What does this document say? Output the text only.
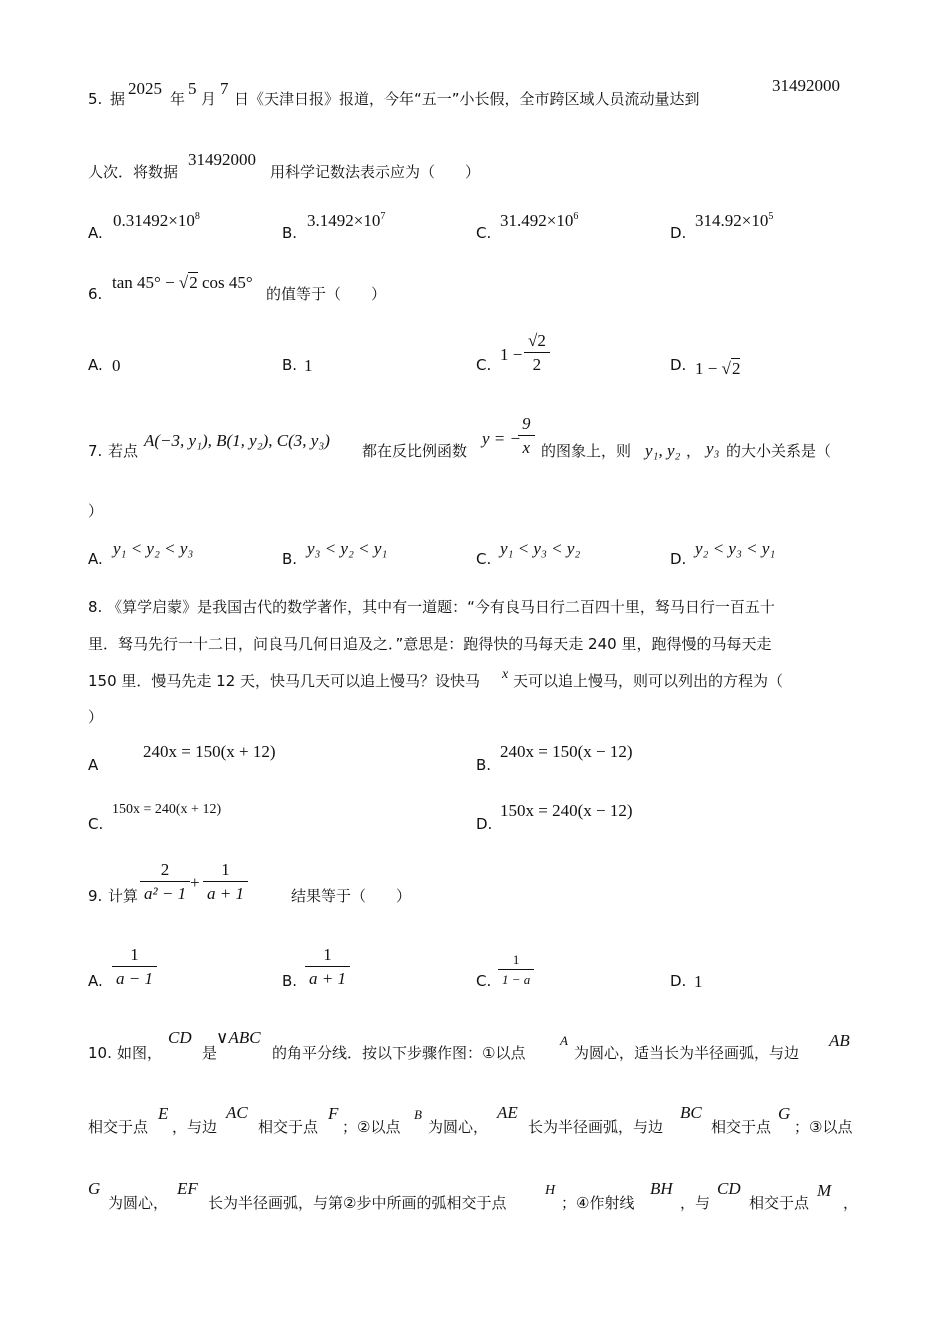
5. 据
2025
年
5
月
7
日《天津日报》报道，今年“五一”小长假，全市跨区域人员流动量达到
31492000
人次．将数据
31492000
用科学记数法表示应为（　　）
A.
$0.31492\times 10^8$
B.
$3.1492\times 10^7$
C.
$31.492\times 10^6$
D.
$314.92\times 10^5$
6.
tan 45° − √2 cos 45°
的值等于（　　）
A. 0	B. 1	C.
$1 - \frac{√2}{2}$	D. 1 − √2
7. 若点
A(−3, y₁), B(1, y₂), C(3, y₃)
都在反比例函数
y = −
$\frac{9}{x}$ 的图象上，则 y₁, y₂ ， y₃ 的大小关系是（
）
A.
y₁ < y₂ < y₃
B.
y₃ < y₂ < y₁
C.
y₁ < y₃ < y₂
D.
y₂ < y₃ < y₁
8. 《算学启蒙》是我国古代的数学著作，其中有一道题：“今有良马日行二百四十里，驽马日行一百五十
里．驽马先行一十二日，问良马几何日追及之．”意思是：跑得快的马每天走 240 里，跑得慢的马每天走
150 里．慢马先走 12 天，快马几天可以追上慢马？设快马 x 天可以追上慢马，则可以列出的方程为（
）
A
240x = 150(x + 12)
B.
240x = 150(x − 12)
C.
150x = 240(x + 12)
D.
150x = 240(x − 12)
9. 计算 $\frac{2}{\text{a² − 1}} + \frac{1}{a + 1}$	结果等于（　　）
A. $\frac{1}{a - 1}$	B. $\frac{1}{a + 1}$	C. $\frac{1}{1 - a}$	D. 1
10. 如图，
CD
是
∨ABC
的角平分线．按以下步骤作图：①以点
A
为圆心，适当长为半径画弧，与边
AB
相交于点
E
，与边
AC
相交于点
F
；②以点
B
为圆心，
AE
长为半径画弧，与边
BC
相交于点
G
；③以点
G
为圆心，
EF
长为半径画弧，与第②步中所画的弧相交于点
H
；④作射线
BH
，与
CD
相交于点
M
，
